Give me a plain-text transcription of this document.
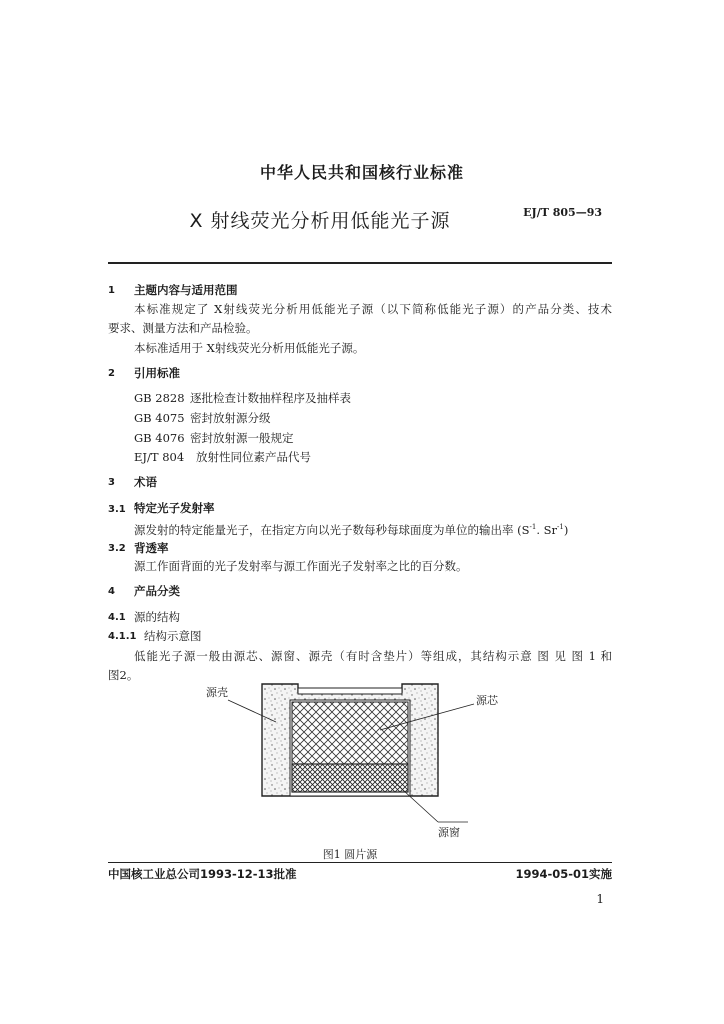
中华人民共和国核行业标准
X 射线荧光分析用低能光子源	EJ/T 805—93
1 主题内容与适用范围
本标准规定了 X射线荧光分析用低能光子源（以下简称低能光子源）的产品分类、技术
要求、测量方法和产品检验。
本标准适用于 X射线荧光分析用低能光子源。
2 引用标准
GB 2828 逐批检查计数抽样程序及抽样表
GB 4075 密封放射源分级
GB 4076 密封放射源一般规定
EJ/T 804 放射性同位素产品代号
3 术语
3.1 特定光子发射率
源发射的特定能量光子，在指定方向以光子数每秒每球面度为单位的输出率 ($S^{-1}$. $Sr^{-1}$)
3.2 背透率
源工作面背面的光子发射率与源工作面光子发射率之比的百分数。
4 产品分类
4.1 源的结构
4.1.1 结构示意图
低能光子源一般由源芯、源窗、源壳（有时含垫片）等组成，其结构示意 图 见 图 1 和
图2。
源壳
源芯
源窗
图1 圆片源
中国核工业总公司1993-12-13批准	1994-05-01实施
1
